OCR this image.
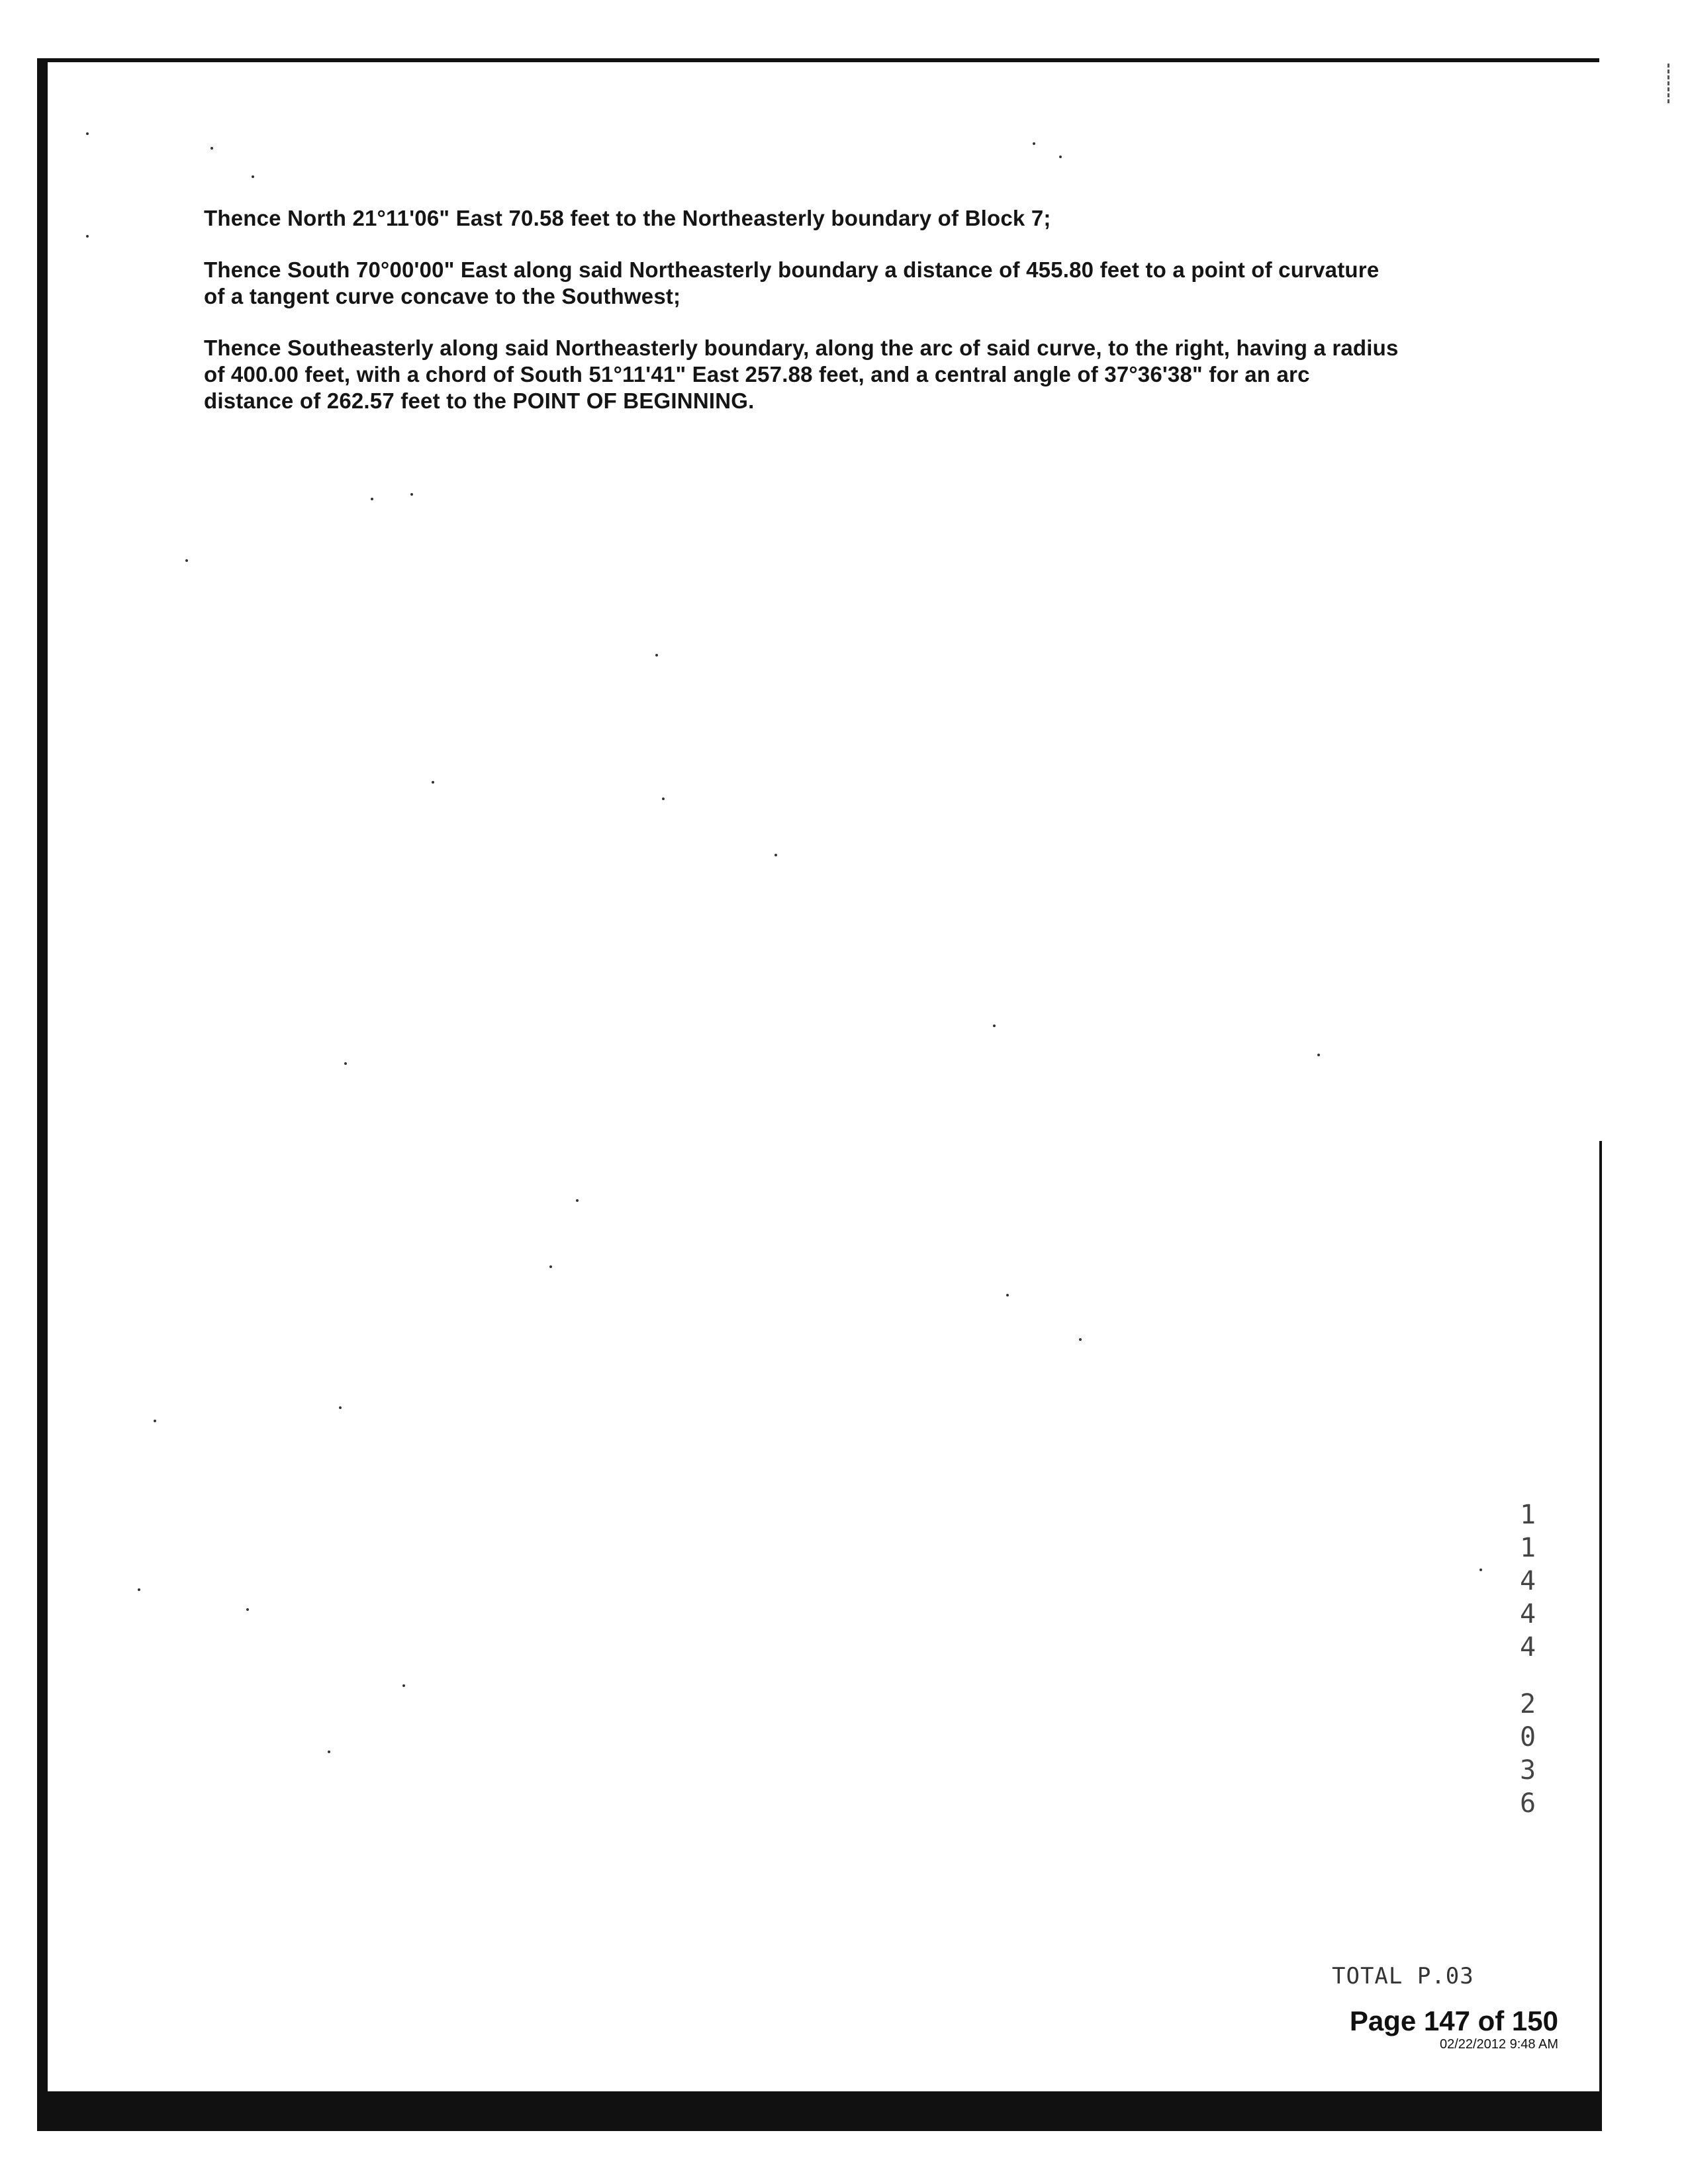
Thence North 21°11'06" East 70.58 feet to the Northeasterly boundary of Block 7;

Thence South 70°00'00" East along said Northeasterly boundary a distance of 455.80 feet to a point of curvature of a tangent curve concave to the Southwest;

Thence Southeasterly along said Northeasterly boundary, along the arc of said curve, to the right, having a radius of 400.00 feet, with a chord of South 51°11'41" East 257.88 feet, and a central angle of 37°36'38" for an arc distance of 262.57 feet to the POINT OF BEGINNING.

1
1
4
4
4
2
0
3
6
TOTAL P.03
Page 147 of 150
02/22/2012 9:48 AM
